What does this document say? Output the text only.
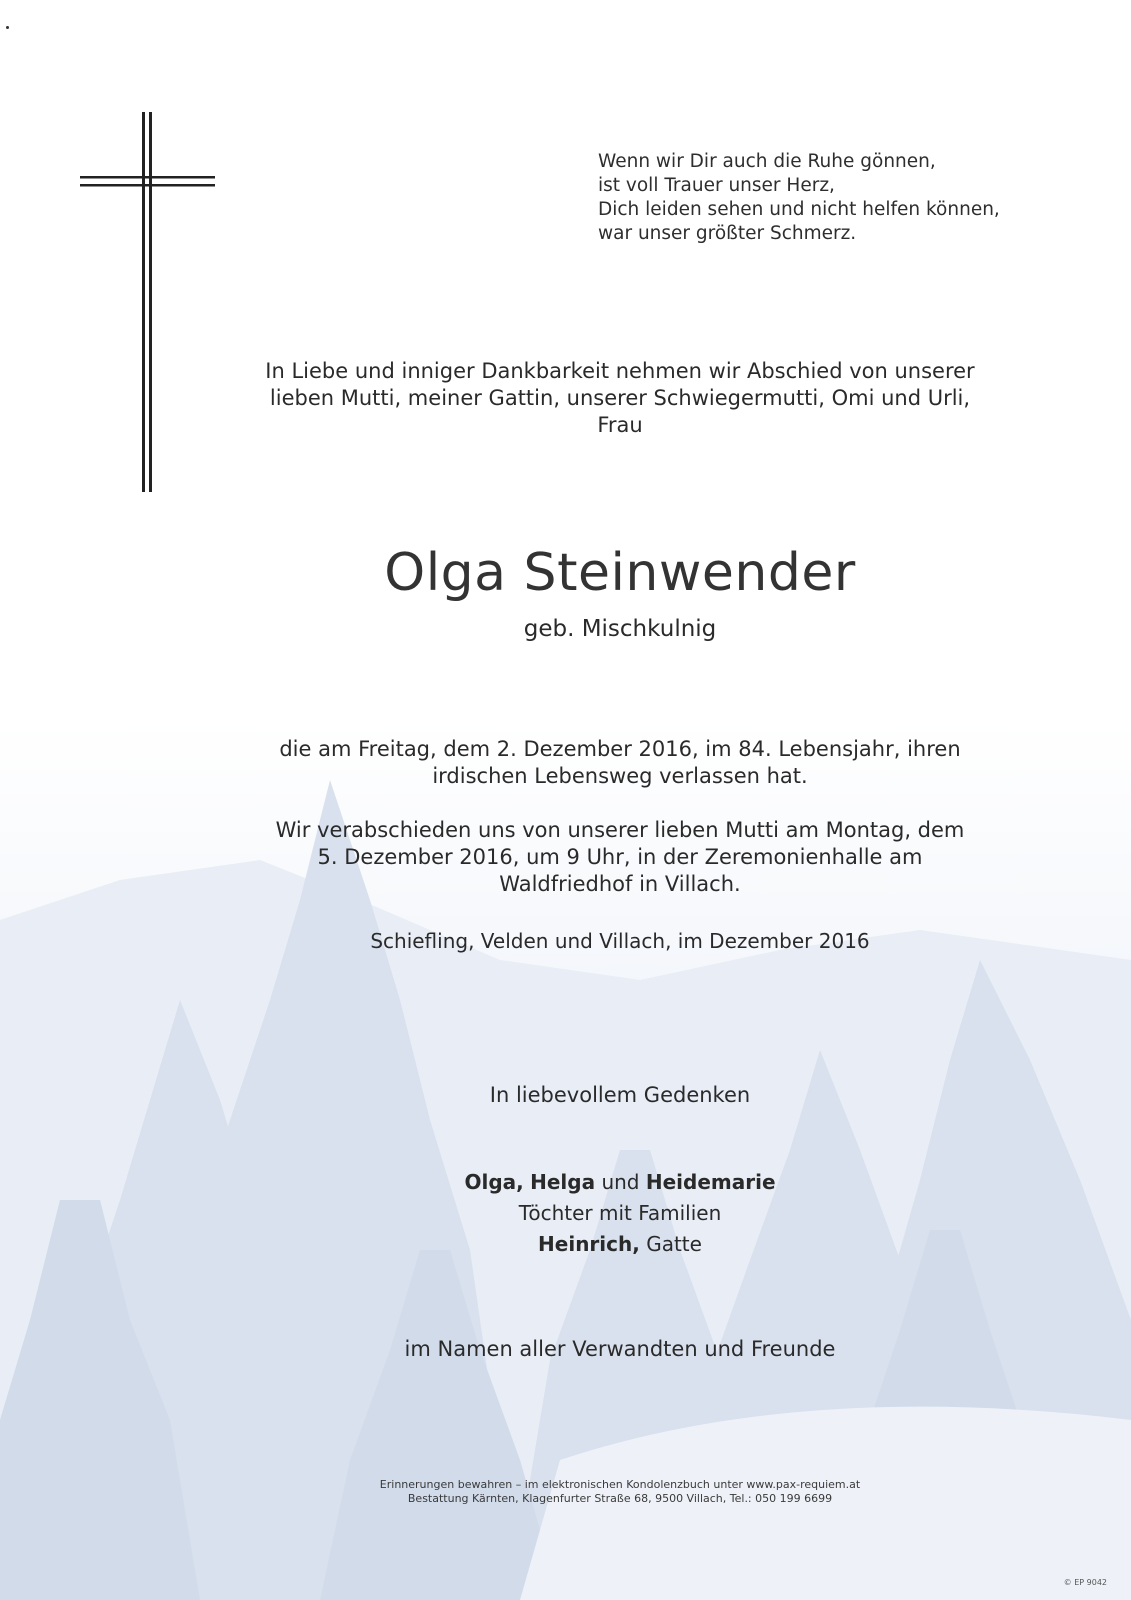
Wenn wir Dir auch die Ruhe gönnen,
ist voll Trauer unser Herz,
Dich leiden sehen und nicht helfen können,
war unser größter Schmerz.
In Liebe und inniger Dankbarkeit nehmen wir Abschied von unserer
lieben Mutti, meiner Gattin, unserer Schwiegermutti, Omi und Urli,
Frau
Olga Steinwender
geb. Mischkulnig
die am Freitag, dem 2. Dezember 2016, im 84. Lebensjahr, ihren
irdischen Lebensweg verlassen hat.
Wir verabschieden uns von unserer lieben Mutti am Montag, dem
5. Dezember 2016, um 9 Uhr, in der Zeremonienhalle am
Waldfriedhof in Villach.
Schiefling, Velden und Villach, im Dezember 2016
In liebevollem Gedenken
Olga, Helga und Heidemarie
Töchter mit Familien
Heinrich, Gatte
im Namen aller Verwandten und Freunde
Erinnerungen bewahren – im elektronischen Kondolenzbuch unter www.pax-requiem.at
Bestattung Kärnten, Klagenfurter Straße 68, 9500 Villach, Tel.: 050 199 6699
© EP 9042
